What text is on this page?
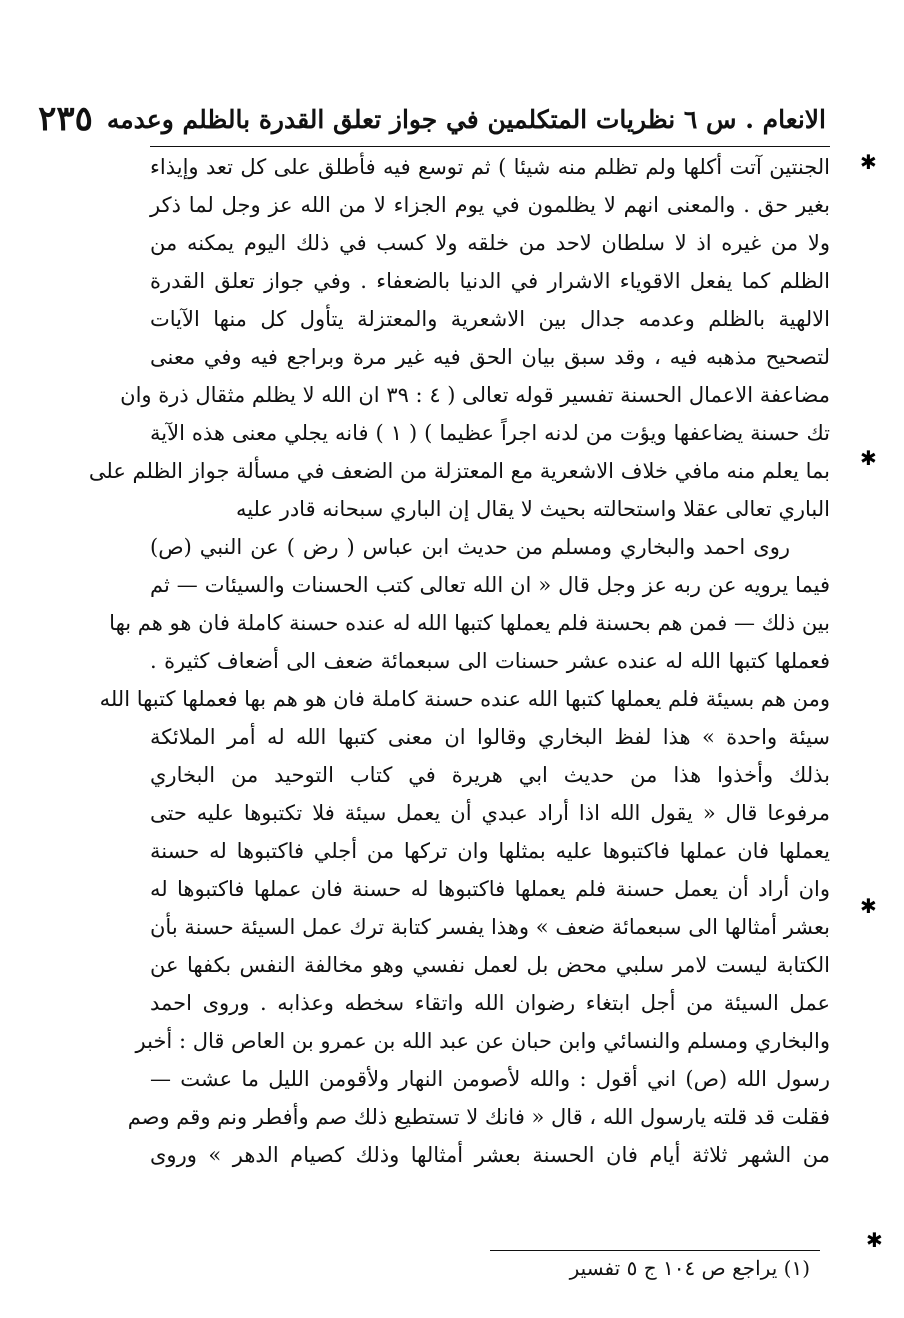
الانعام . س ٦ نظريات المتكلمين في جواز تعلق القدرة بالظلم وعدمه
٢٣٥
الجنتين آتت أكلها ولم تظلم منه شيئا ) ثم توسع فيه فأطلق على كل تعد وإيذاء
بغير حق . والمعنى انهم لا يظلمون في يوم الجزاء لا من الله عز وجل لما ذكر
ولا من غيره اذ لا سلطان لاحد من خلقه ولا كسب في ذلك اليوم يمكنه من
الظلم كما يفعل الاقوياء الاشرار في الدنيا بالضعفاء . وفي جواز تعلق القدرة
الالهية بالظلم وعدمه جدال بين الاشعرية والمعتزلة يتأول كل منها الآيات
لتصحيح مذهبه فيه ، وقد سبق بيان الحق فيه غير مرة وبراجع فيه وفي معنى
مضاعفة الاعمال الحسنة تفسير قوله تعالى ( ٤ : ٣٩ ان الله لا يظلم مثقال ذرة وان
تك حسنة يضاعفها ويؤت من لدنه اجراً عظيما ) ( ١ ) فانه يجلي معنى هذه الآية
بما يعلم منه مافي خلاف الاشعرية مع المعتزلة من الضعف في مسألة جواز الظلم على
الباري تعالى عقلا واستحالته بحيث لا يقال إن الباري سبحانه قادر عليه
روى احمد والبخاري ومسلم من حديث ابن عباس ( رض ) عن النبي (ص)
فيما يرويه عن ربه عز وجل قال « ان الله تعالى كتب الحسنات والسيئات — ثم
بين ذلك — فمن هم بحسنة فلم يعملها كتبها الله له عنده حسنة كاملة فان هو هم بها
فعملها كتبها الله له عنده عشر حسنات الى سبعمائة ضعف الى أضعاف كثيرة .
ومن هم بسيئة فلم يعملها كتبها الله عنده حسنة كاملة فان هو هم بها فعملها كتبها الله
سيئة واحدة » هذا لفظ البخاري وقالوا ان معنى كتبها الله له أمر الملائكة
بذلك وأخذوا هذا من حديث ابي هريرة في كتاب التوحيد من البخاري
مرفوعا قال « يقول الله اذا أراد عبدي أن يعمل سيئة فلا تكتبوها عليه حتى
يعملها فان عملها فاكتبوها عليه بمثلها وان تركها من أجلي فاكتبوها له حسنة
وان أراد أن يعمل حسنة فلم يعملها فاكتبوها له حسنة فان عملها فاكتبوها له
بعشر أمثالها الى سبعمائة ضعف » وهذا يفسر كتابة ترك عمل السيئة حسنة بأن
الكتابة ليست لامر سلبي محض بل لعمل نفسي وهو مخالفة النفس بكفها عن
عمل السيئة من أجل ابتغاء رضوان الله واتقاء سخطه وعذابه . وروى احمد
والبخاري ومسلم والنسائي وابن حبان عن عبد الله بن عمرو بن العاص قال : أخبر
رسول الله (ص) اني أقول : والله لأصومن النهار ولأقومن الليل ما عشت —
فقلت قد قلته يارسول الله ، قال « فانك لا تستطيع ذلك صم وأفطر ونم وقم وصم
من الشهر ثلاثة أيام فان الحسنة بعشر أمثالها وذلك كصيام الدهر » وروى
(١) يراجع ص ١٠٤ ج ٥ تفسير
✱
✱
✱
✱
